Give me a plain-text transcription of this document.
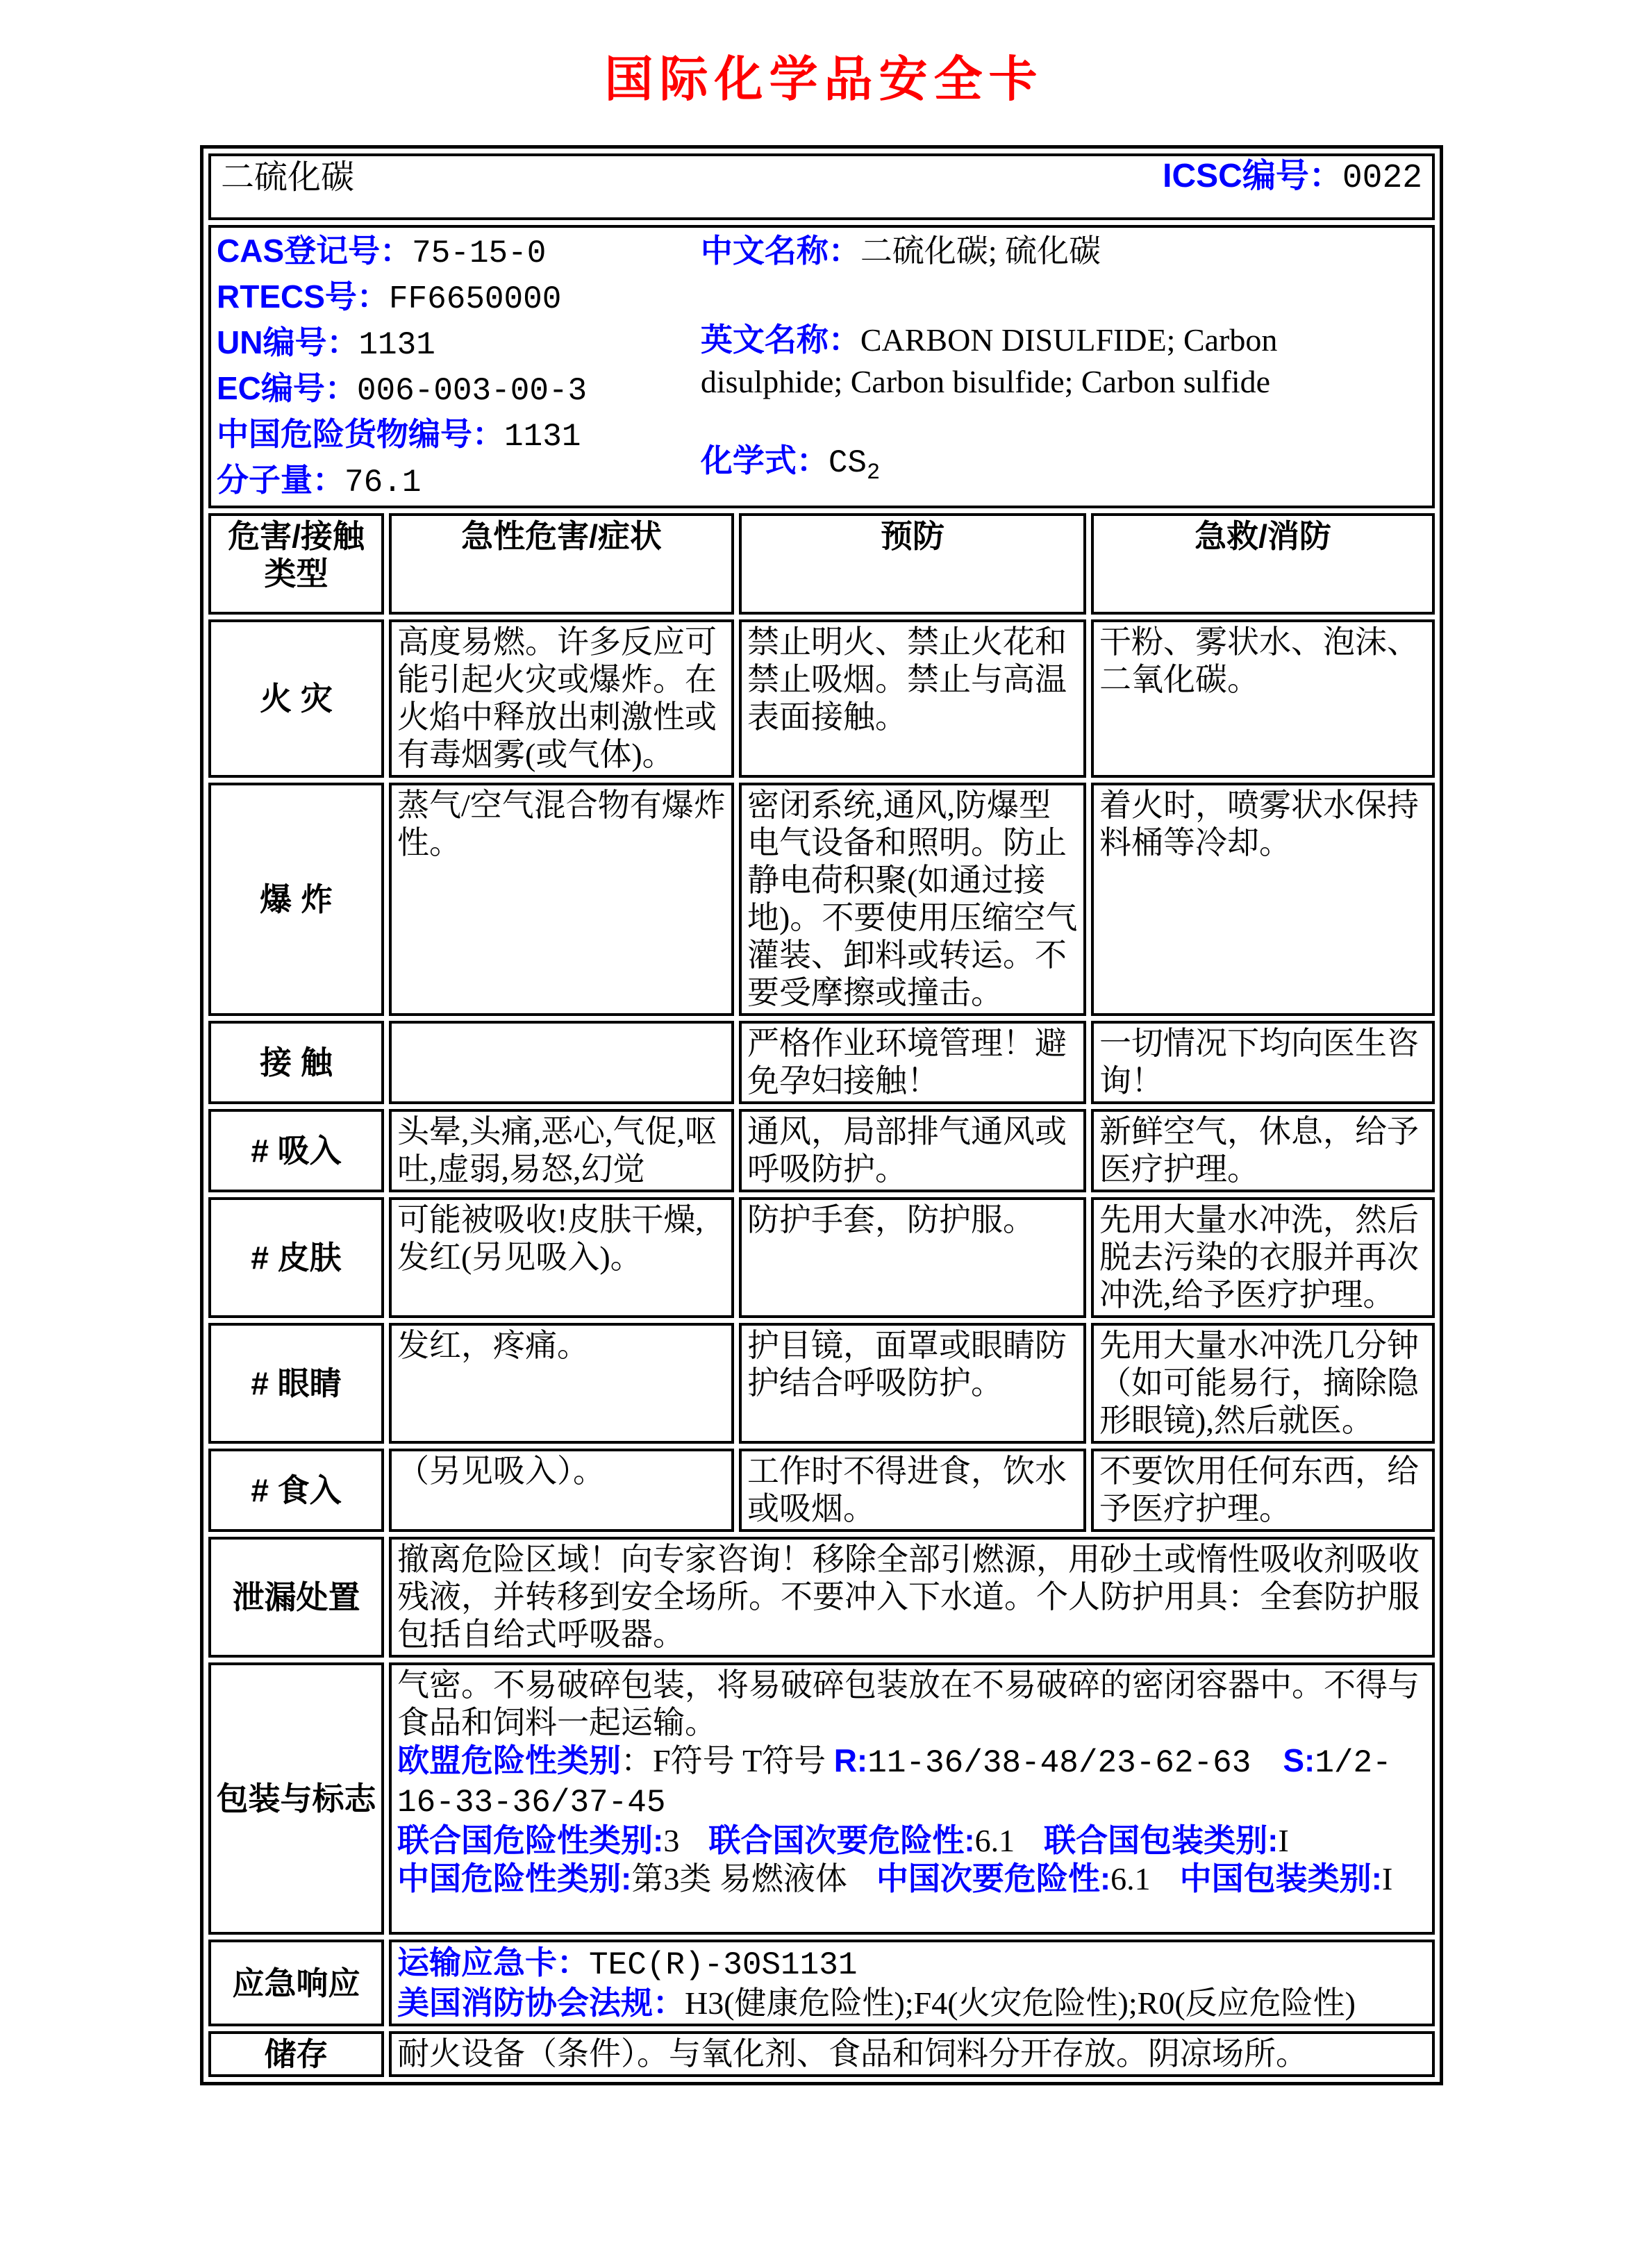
国际化学品安全卡
二硫化碳 ICSC编号：0022			

CAS登记号：75-15-0
RTECS号：FF6650000
UN编号：1131
EC编号：006-003-00-3
中国危险货物编号：1131
分子量：76.1
中文名称：二硫化碳; 硫化碳
英文名称：CARBON DISULFIDE; Carbon disulphide; Carbon bisulfide; Carbon sulfide
化学式：$CS_2$

危害/接触类型	急性危害/症状	预防	急救/消防
火 灾	高度易燃。许多反应可能引起火灾或爆炸。在火焰中释放出刺激性或有毒烟雾(或气体)。	禁止明火、禁止火花和禁止吸烟。禁止与高温表面接触。	干粉、雾状水、泡沫、二氧化碳。
爆 炸	蒸气/空气混合物有爆炸性。	密闭系统,通风,防爆型电气设备和照明。防止静电荷积聚(如通过接地)。不要使用压缩空气灌装、卸料或转运。不要受摩擦或撞击。	着火时，喷雾状水保持料桶等冷却。
接 触		严格作业环境管理！避免孕妇接触！	一切情况下均向医生咨询！
# 吸入	头晕,头痛,恶心,气促,呕吐,虚弱,易怒,幻觉	通风，局部排气通风或呼吸防护。	新鲜空气，休息，给予医疗护理。
# 皮肤	可能被吸收!皮肤干燥,发红(另见吸入)。	防护手套，防护服。	先用大量水冲洗，然后脱去污染的衣服并再次冲洗,给予医疗护理。
# 眼睛	发红，疼痛。	护目镜，面罩或眼睛防护结合呼吸防护。	先用大量水冲洗几分钟（如可能易行，摘除隐形眼镜),然后就医。
# 食入	（另见吸入）。	工作时不得进食，饮水或吸烟。	不要饮用任何东西，给予医疗护理。
泄漏处置	撤离危险区域！向专家咨询！移除全部引燃源，用砂土或惰性吸收剂吸收残液，并转移到安全场所。不要冲入下水道。个人防护用具：全套防护服包括自给式呼吸器。		
包装与标志	气密。不易破碎包装，将易破碎包装放在不易破碎的密闭容器中。不得与食品和饲料一起运输。
欧盟危险性类别：F符号 T符号 R:11-36/38-48/23-62-63 S:1/2-16-33-36/37-45
联合国危险性类别:3 联合国次要危险性:6.1 联合国包装类别:I
中国危险性类别:第3类 易燃液体 中国次要危险性:6.1 中国包装类别:I		

应急响应	运输应急卡：TEC(R)-30S1131
美国消防协会法规：H3(健康危险性);F4(火灾危险性);R0(反应危险性)		

储存	耐火设备（条件）。与氧化剂、食品和饲料分开存放。阴凉场所。		
